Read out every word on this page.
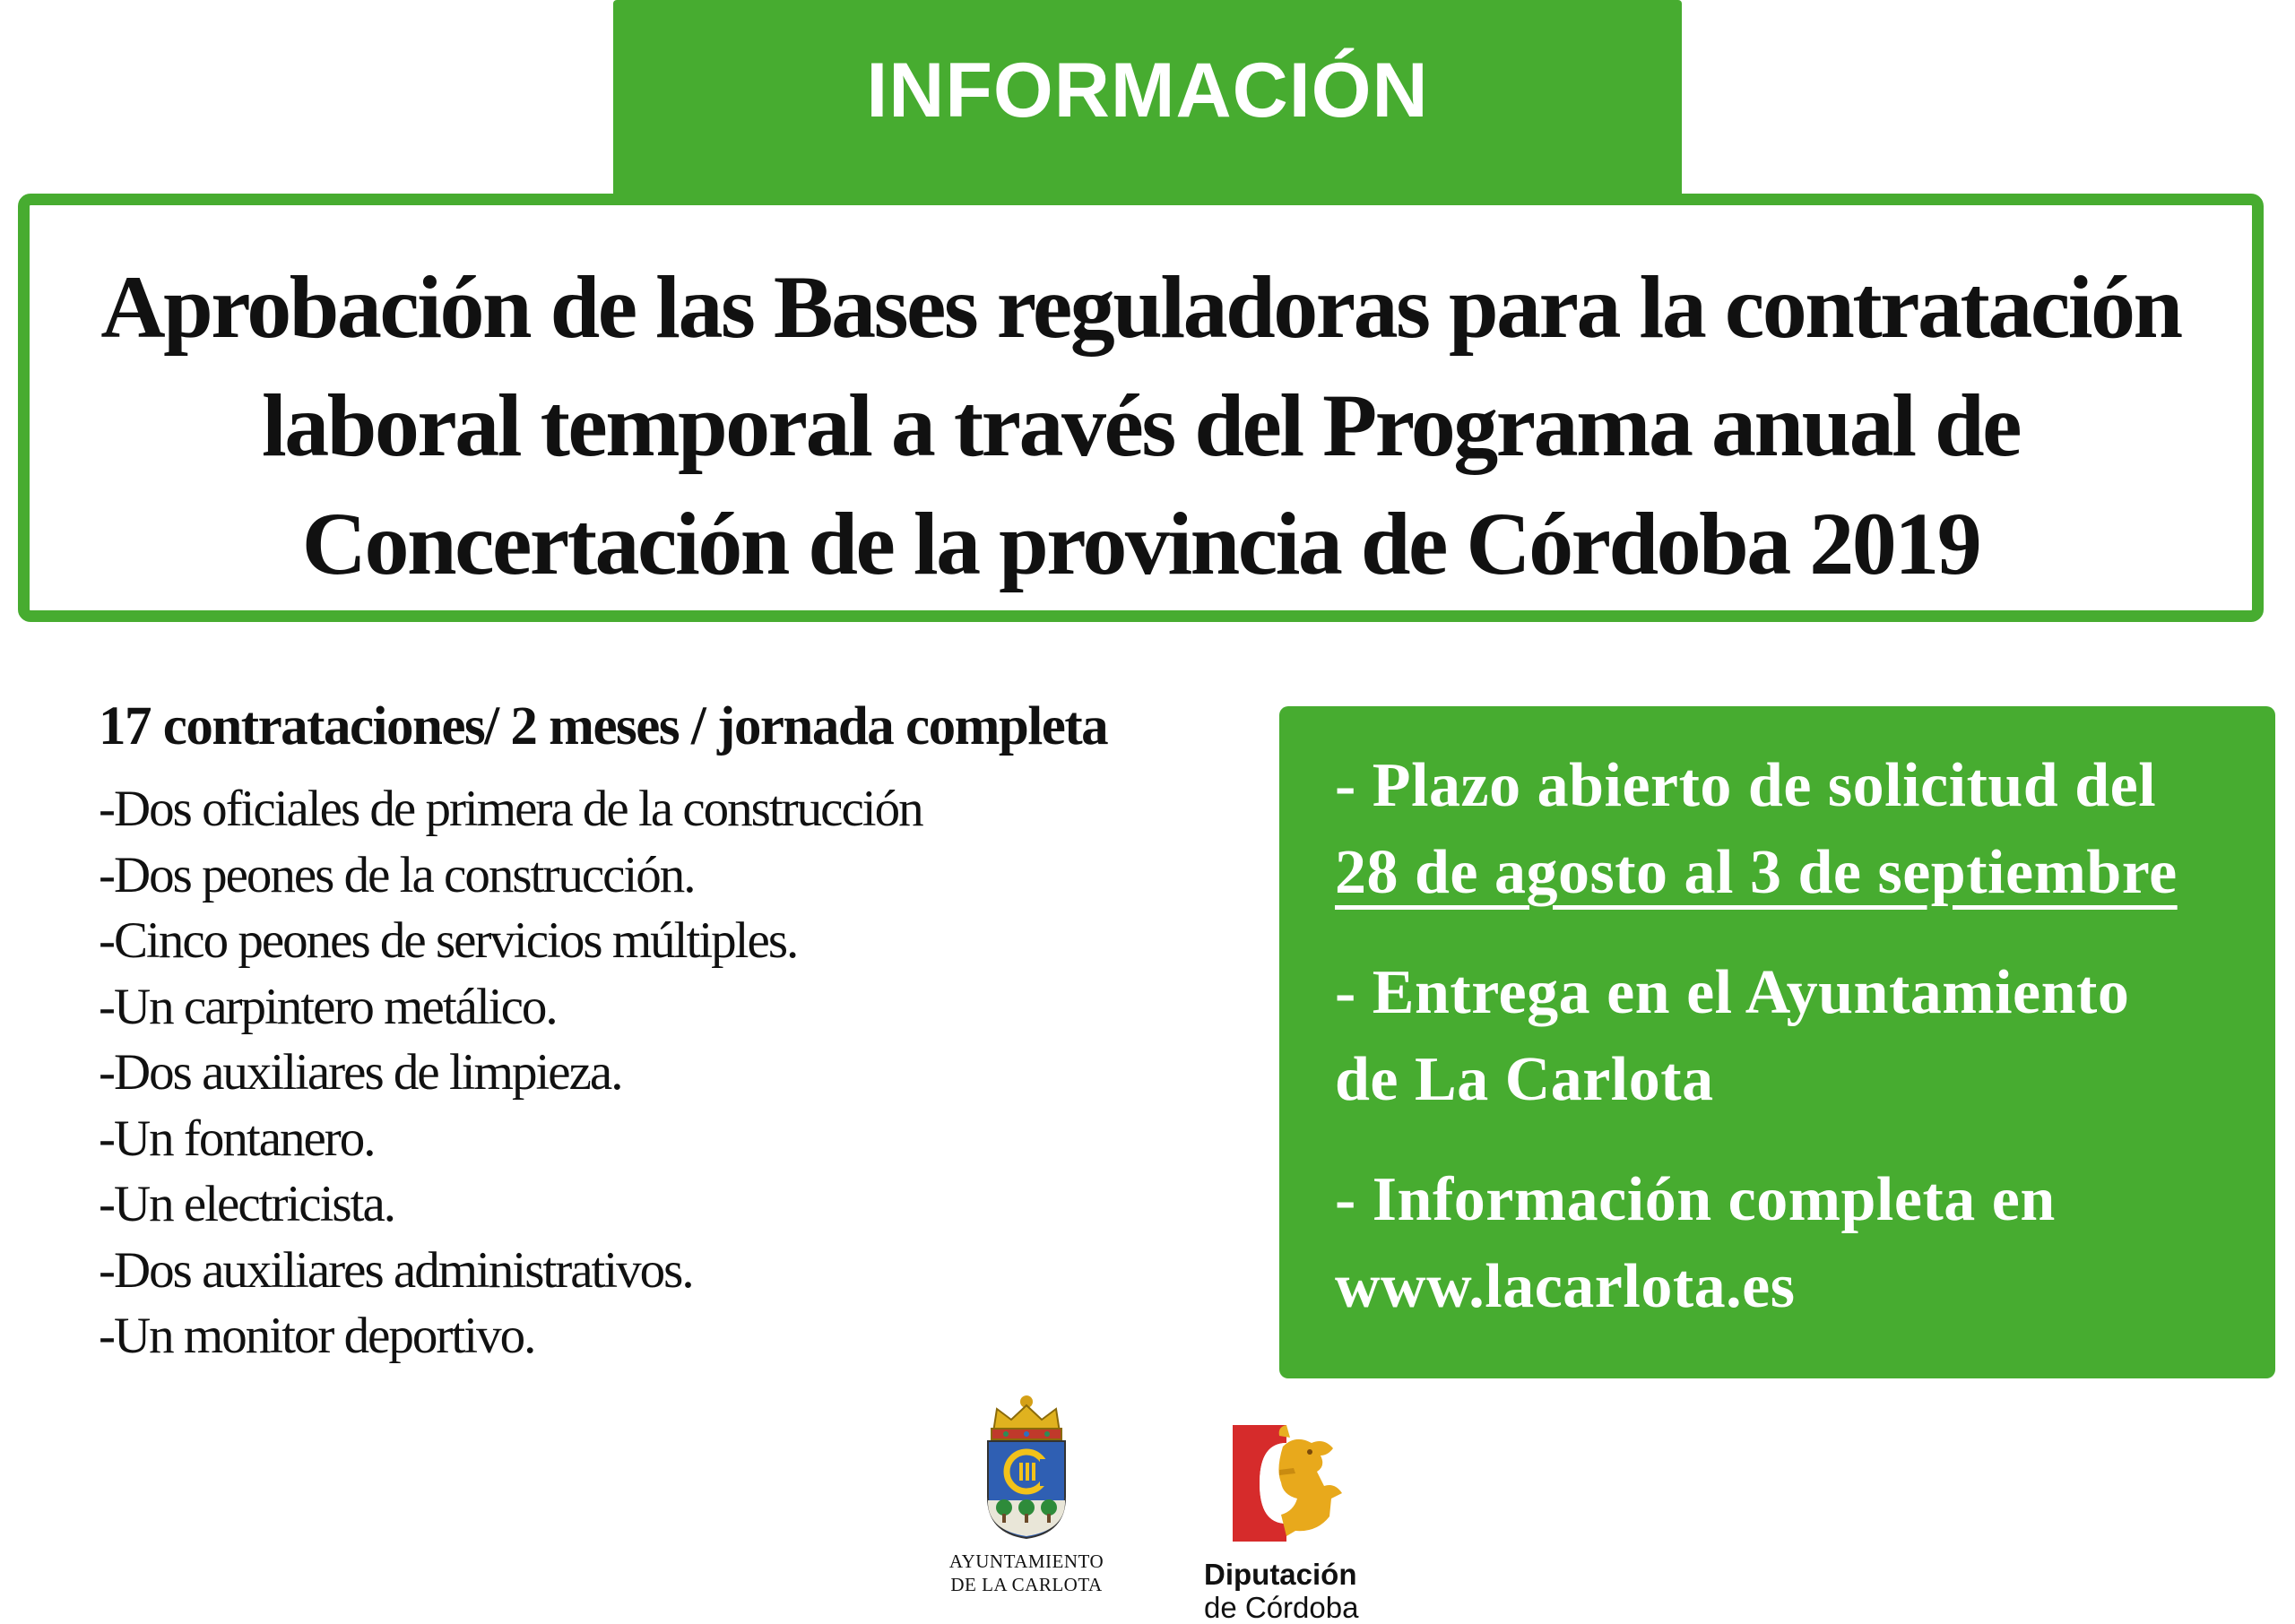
INFORMACIÓN
Aprobación de las Bases reguladoras para la contratación
laboral temporal a través del Programa anual de
Concertación de la provincia de Córdoba 2019
17 contrataciones/ 2 meses / jornada completa
-Dos oficiales de primera de la construcción
-Dos peones de la construcción.
-Cinco peones de servicios múltiples.
-Un carpintero metálico.
-Dos auxiliares de limpieza.
-Un fontanero.
-Un electricista.
-Dos auxiliares administrativos.
-Un monitor deportivo.

- Plazo abierto de solicitud del
28 de agosto al 3 de septiembre

- Entrega en el Ayuntamiento
de La Carlota

- Información completa en
www.lacarlota.es

AYUNTAMIENTO
DE LA CARLOTA	Diputación
de Córdoba
